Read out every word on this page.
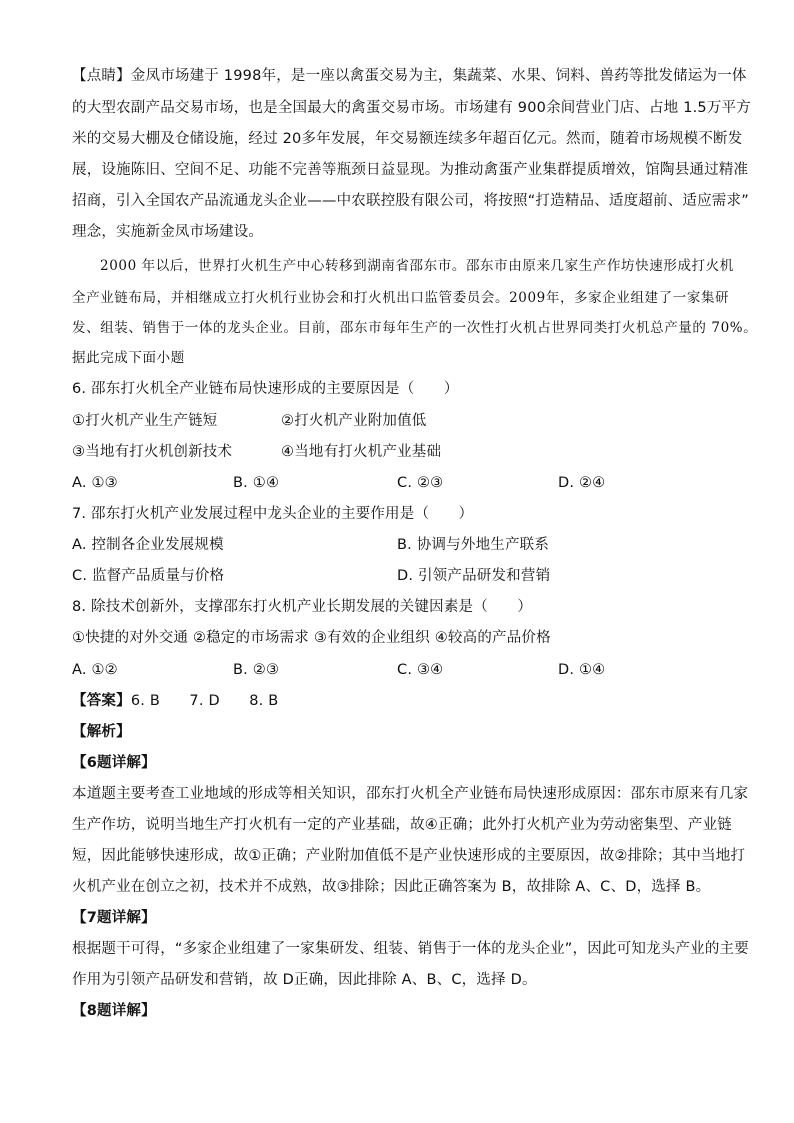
【点睛】金凤市场建于 1998年，是一座以禽蛋交易为主，集蔬菜、水果、饲料、兽药等批发储运为一体
的大型农副产品交易市场，也是全国最大的禽蛋交易市场。市场建有 900余间营业门店、占地 1.5万平方
米的交易大棚及仓储设施，经过 20多年发展，年交易额连续多年超百亿元。然而，随着市场规模不断发
展，设施陈旧、空间不足、功能不完善等瓶颈日益显现。为推动禽蛋产业集群提质增效，馆陶县通过精准
招商，引入全国农产品流通龙头企业——中农联控股有限公司，将按照“打造精品、适度超前、适应需求”
理念，实施新金凤市场建设。
2000 年以后，世界打火机生产中心转移到湖南省邵东市。邵东市由原来几家生产作坊快速形成打火机
全产业链布局，并相继成立打火机行业协会和打火机出口监管委员会。2009年，多家企业组建了一家集研
发、组装、销售于一体的龙头企业。目前，邵东市每年生产的一次性打火机占世界同类打火机总产量的 70%。
据此完成下面小题
6. 邵东打火机全产业链布局快速形成的主要原因是（　　）
①打火机产业生产链短	②打火机产业附加值低
③当地有打火机创新技术	④当地有打火机产业基础
A. ①③	B. ①④	C. ②③	D. ②④
7. 邵东打火机产业发展过程中龙头企业的主要作用是（　　）
A. 控制各企业发展规模	B. 协调与外地生产联系
C. 监督产品质量与价格	D. 引领产品研发和营销
8. 除技术创新外，支撑邵东打火机产业长期发展的关键因素是（　　）
①快捷的对外交通 ②稳定的市场需求 ③有效的企业组织 ④较高的产品价格
A. ①②	B. ②③	C. ③④	D. ①④
【答案】6. B　　7. D　　8. B
【解析】
【6题详解】
本道题主要考查工业地域的形成等相关知识，邵东打火机全产业链布局快速形成原因：邵东市原来有几家
生产作坊，说明当地生产打火机有一定的产业基础，故④正确；此外打火机产业为劳动密集型、产业链
短，因此能够快速形成，故①正确；产业附加值低不是产业快速形成的主要原因，故②排除；其中当地打
火机产业在创立之初，技术并不成熟，故③排除；因此正确答案为 B，故排除 A、C、D，选择 B。
【7题详解】
根据题干可得，“多家企业组建了一家集研发、组装、销售于一体的龙头企业”，因此可知龙头产业的主要
作用为引领产品研发和营销，故 D正确，因此排除 A、B、C，选择 D。
【8题详解】
